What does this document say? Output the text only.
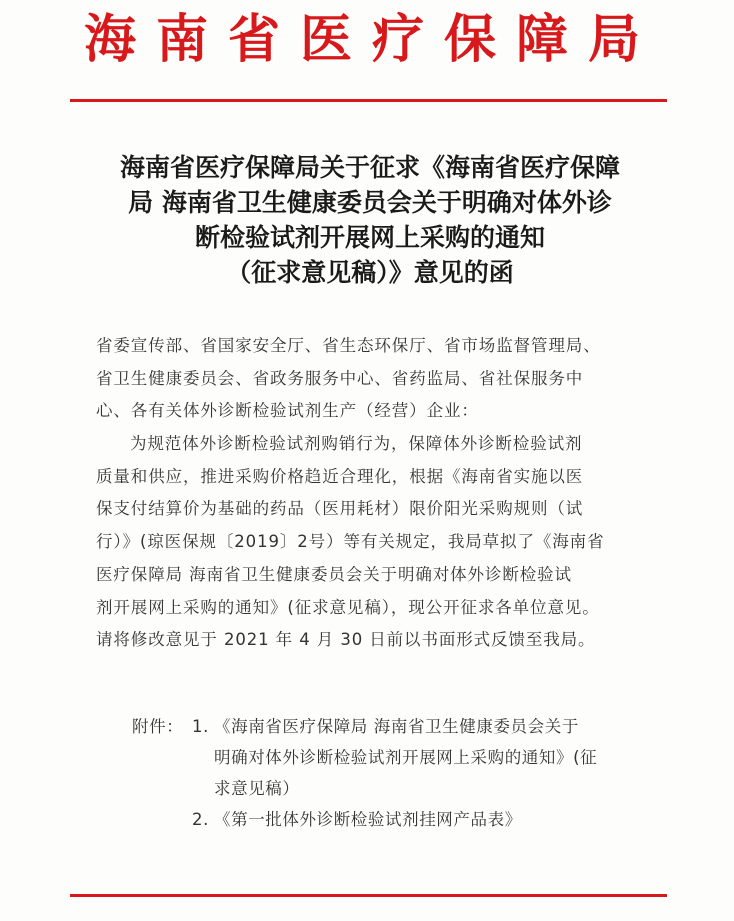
海南省医疗保障局
海南省医疗保障局关于征求《海南省医疗保障
局 海南省卫生健康委员会关于明确对体外诊
断检验试剂开展网上采购的通知
（征求意见稿）》意见的函
省委宣传部、省国家安全厅、省生态环保厅、省市场监督管理局、
省卫生健康委员会、省政务服务中心、省药监局、省社保服务中
心、各有关体外诊断检验试剂生产（经营）企业：
为规范体外诊断检验试剂购销行为，保障体外诊断检验试剂
质量和供应，推进采购价格趋近合理化，根据《海南省实施以医
保支付结算价为基础的药品（医用耗材）限价阳光采购规则（试
行）》(琼医保规〔2019〕2号）等有关规定，我局草拟了《海南省
医疗保障局 海南省卫生健康委员会关于明确对体外诊断检验试
剂开展网上采购的通知》(征求意见稿），现公开征求各单位意见。
请将修改意见于 2021 年 4 月 30 日前以书面形式反馈至我局。
附件： 1. 《海南省医疗保障局 海南省卫生健康委员会关于
明确对体外诊断检验试剂开展网上采购的通知》(征
求意见稿）
2. 《第一批体外诊断检验试剂挂网产品表》
